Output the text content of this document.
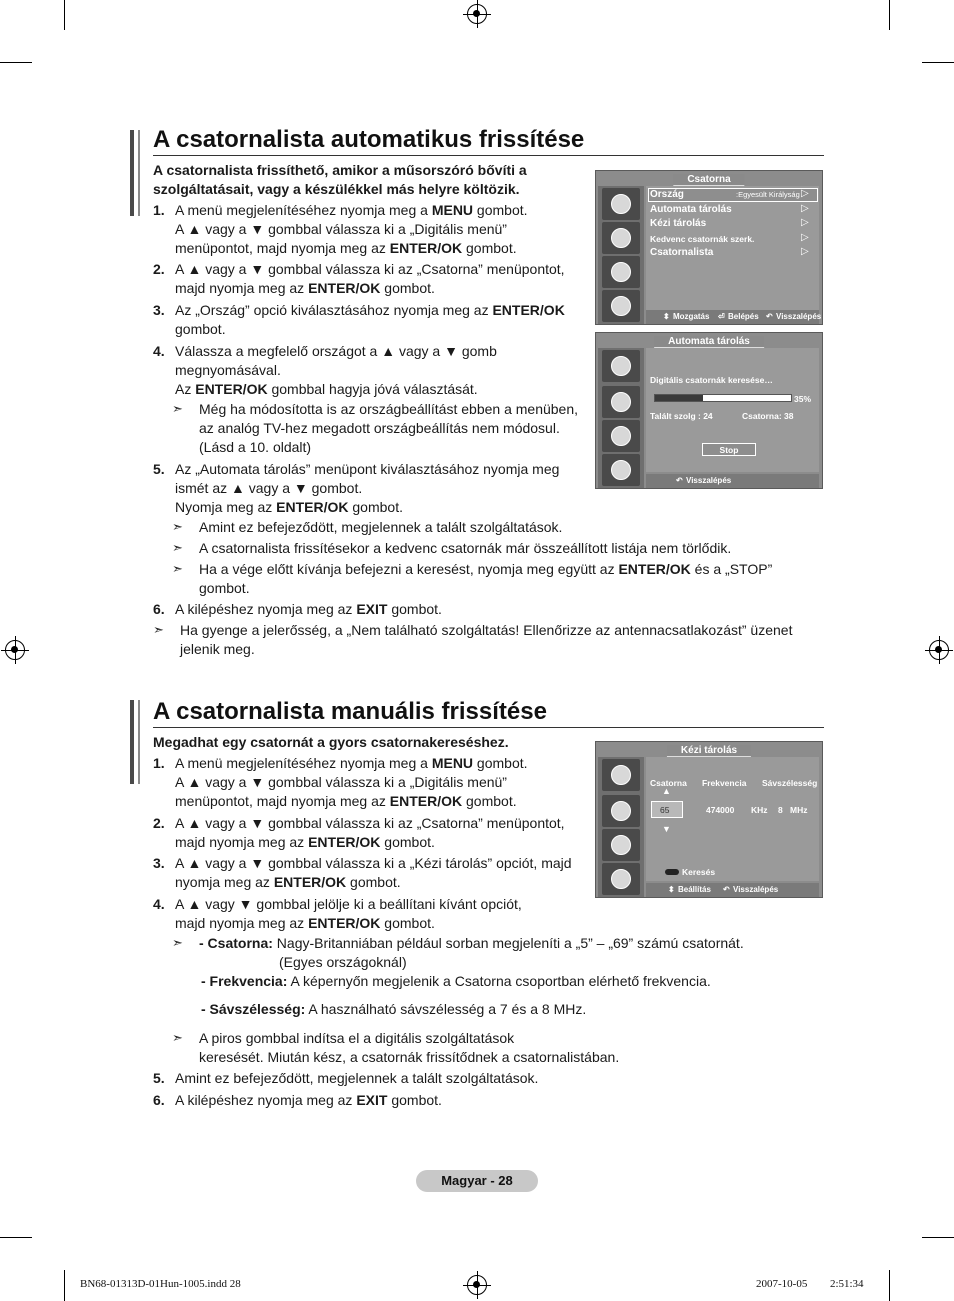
A csatornalista automatikus frissítése
A csatornalista frissíthető, amikor a műsorszóró bővíti a
szolgáltatásait, vagy a készülékkel más helyre költözik.
1. A menü megjelenítéséhez nyomja meg a MENU gombot.
A ▲ vagy a ▼ gombbal válassza ki a „Digitális menü”
menüpontot, majd nyomja meg az ENTER/OK gombot.
2. A ▲ vagy a ▼ gombbal válassza ki az „Csatorna” menüpontot,
majd nyomja meg az ENTER/OK gombot.
3. Az „Ország” opció kiválasztásához nyomja meg az ENTER/OK
gombot.
4. Válassza a megfelelő országot a ▲ vagy a ▼ gomb
megnyomásával.
Az ENTER/OK gombbal hagyja jóvá választását.
5. Az „Automata tárolás” menüpont kiválasztásához nyomja meg
ismét az ▲ vagy a ▼ gombot.
Nyomja meg az ENTER/OK gombot.
6. A kilépéshez nyomja meg az EXIT gombot.
➣ Még ha módosította is az országbeállítást ebben a menüben,
az analóg TV-hez megadott országbeállítás nem módosul.
(Lásd a 10. oldalt)
➣ Amint ez befejeződött, megjelennek a talált szolgáltatások.
➣ A csatornalista frissítésekor a kedvenc csatornák már összeállított listája nem törlődik.
➣ Ha a vége előtt kívánja befejezni a keresést, nyomja meg együtt az ENTER/OK és a „STOP”
gombot.
➣ Ha gyenge a jelerősség, a „Nem található szolgáltatás! Ellenőrizze az antennacsatlakozást” üzenet
jelenik meg.
Csatorna
Ország	:Egyesült Királyság ▷
Automata tárolás	▷
Kézi tárolás	▷
Kedvenc csatornák szerk.	▷
Csatornalista	▷
⬍ Mozgatás ⏎ Belépés ↶ Visszalépés
Automata tárolás
Digitális csatornák keresése…
35%
Talált szolg : 24	Csatorna: 38
Stop
↶ Visszalépés
A csatornalista manuális frissítése
Megadhat egy csatornát a gyors csatornakereséshez.
1. A menü megjelenítéséhez nyomja meg a MENU gombot.
A ▲ vagy a ▼ gombbal válassza ki a „Digitális menü”
menüpontot, majd nyomja meg az ENTER/OK gombot.
2. A ▲ vagy a ▼ gombbal válassza ki az „Csatorna” menüpontot,
majd nyomja meg az ENTER/OK gombot.
3. A ▲ vagy a ▼ gombbal válassza ki a „Kézi tárolás” opciót, majd
nyomja meg az ENTER/OK gombot.
4. A ▲ vagy ▼ gombbal jelölje ki a beállítani kívánt opciót,
majd nyomja meg az ENTER/OK gombot.
5. Amint ez befejeződött, megjelennek a talált szolgáltatások.
6. A kilépéshez nyomja meg az EXIT gombot.
➣ - Csatorna: Nagy-Britanniában például sorban megjeleníti a „5” – „69” számú csatornát.
(Egyes országoknál)
- Frekvencia: A képernyőn megjelenik a Csatorna csoportban elérhető frekvencia.
- Sávszélesség: A használható sávszélesség a 7 és a 8 MHz.
➣ A piros gombbal indítsa el a digitális szolgáltatások
keresését. Miután kész, a csatornák frissítődnek a csatornalistában.
Kézi tárolás
Csatorna Frekvencia Sávszélesség
▲
65
▼
474000 KHz 8 MHz
Keresés
⬍ Beállítás ↶ Visszalépés
Magyar - 28
BN68-01313D-01Hun-1005.indd 28	2007-10-05 ￿￿ 2:51:34
